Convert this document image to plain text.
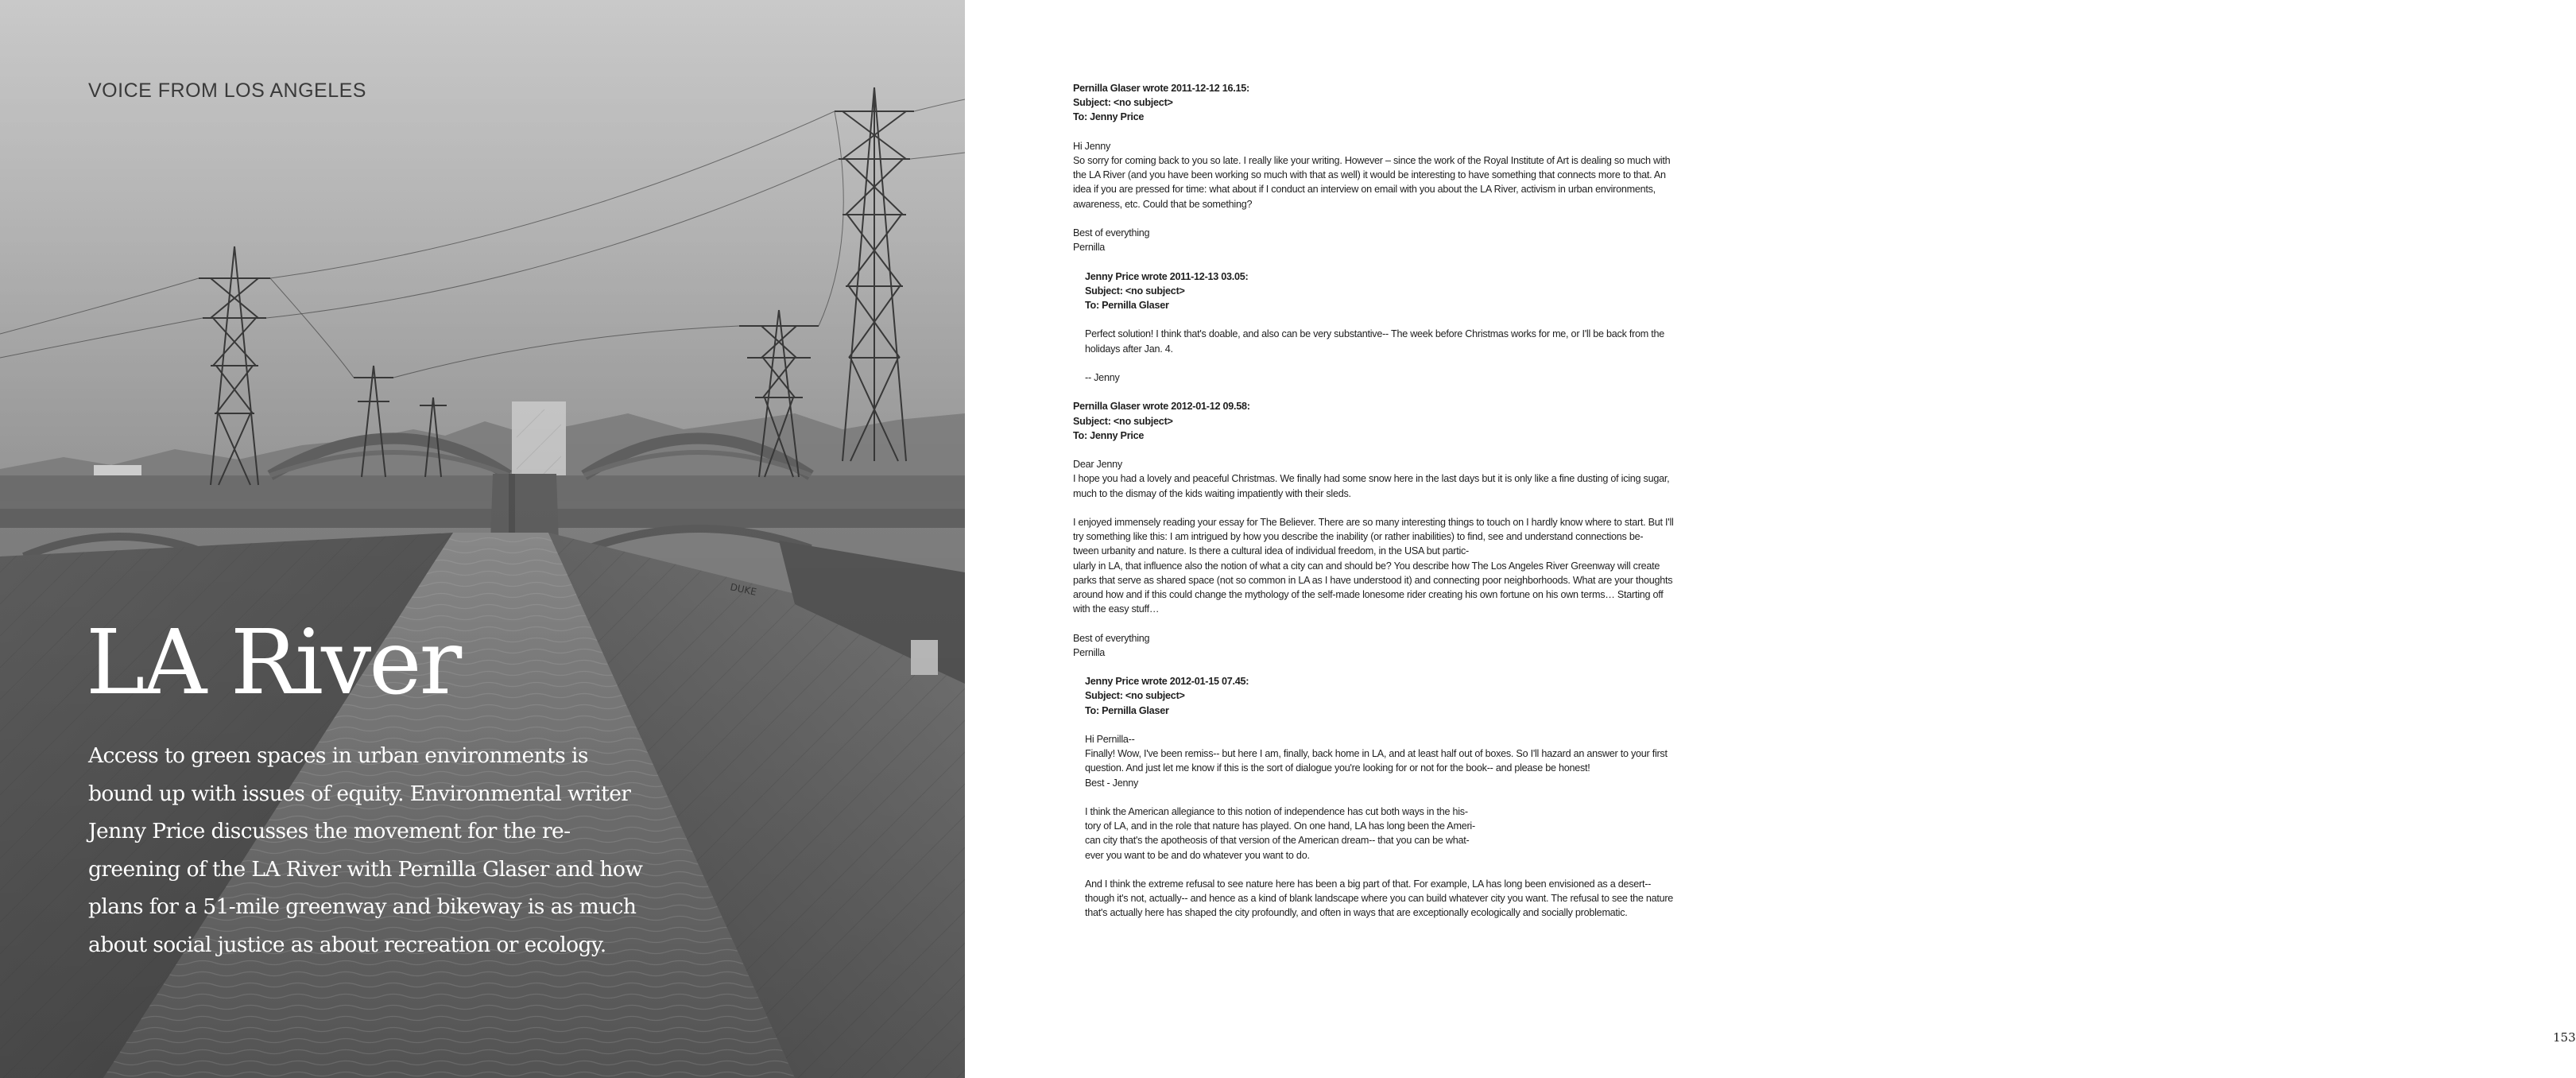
VOICE FROM LOS ANGELES
LA River

Access to green spaces in urban environments is bound up with issues of equity. Environmental writer Jenny Price discusses the movement for the re-greening of the LA River with Pernilla Glaser and how plans for a 51-mile greenway and bikeway is as much about social justice as about recreation or ecology.

Pernilla Glaser wrote 2011-12-12 16.15:

Subject: <no subject>

To: Jenny Price

Hi Jenny
So sorry for coming back to you so late. I really like your writing. However – since the work of the Royal Institute of Art is dealing so much with the LA River (and you have been working so much with that as well) it would be interesting to have something that connects more to that. An idea if you are pressed for time: what about if I conduct an interview on email with you about the LA River, activism in urban environments, awareness, etc. Could that be something?

Best of everything
Pernilla

Jenny Price wrote 2011-12-13 03.05:

Subject: <no subject>

To: Pernilla Glaser

Perfect solution! I think that's doable, and also can be very substantive-- The week before Christmas works for me, or I'll be back from the holidays after Jan. 4.

-- Jenny

Pernilla Glaser wrote 2012-01-12 09.58:

Subject: <no subject>

To: Jenny Price

Dear Jenny
I hope you had a lovely and peaceful Christmas. We finally had some snow here in the last days but it is only like a fine dusting of icing sugar, much to the dismay of the kids waiting impatiently with their sleds.

I enjoyed immensely reading your essay for The Believer. There are so many interesting things to touch on I hardly know where to start. But I'll try something like this: I am intrigued by how you describe the inability (or rather inabilities) to find, see and understand connections be-
tween urbanity and nature. Is there a cultural idea of individual freedom, in the USA but partic-
ularly in LA, that influence also the notion of what a city can and should be? You describe how The Los Angeles River Greenway will create parks that serve as shared space (not so common in LA as I have understood it) and connecting poor neighborhoods. What are your thoughts around how and if this could change the mythology of the self-made lonesome rider creating his own fortune on his own terms… Starting off with the easy stuff…

Best of everything
Pernilla

Jenny Price wrote 2012-01-15 07.45:

Subject: <no subject>

To: Pernilla Glaser

Hi Pernilla--
Finally! Wow, I've been remiss-- but here I am, finally, back home in LA, and at least half out of boxes. So I'll hazard an answer to your first question. And just let me know if this is the sort of dialogue you're looking for or not for the book-- and please be honest!
Best - Jenny

I think the American allegiance to this notion of independence has cut both ways in the his-
tory of LA, and in the role that nature has played. On one hand, LA has long been the Ameri-
can city that's the apotheosis of that version of the American dream-- that you can be what-
ever you want to be and do whatever you want to do.

And I think the extreme refusal to see nature here has been a big part of that. For example, LA has long been envisioned as a desert-- though it's not, actually-- and hence as a kind of blank landscape where you can build whatever city you want. The refusal to see the nature that's actually here has shaped the city profoundly, and often in ways that are exceptionally ecologically and socially problematic.

153
